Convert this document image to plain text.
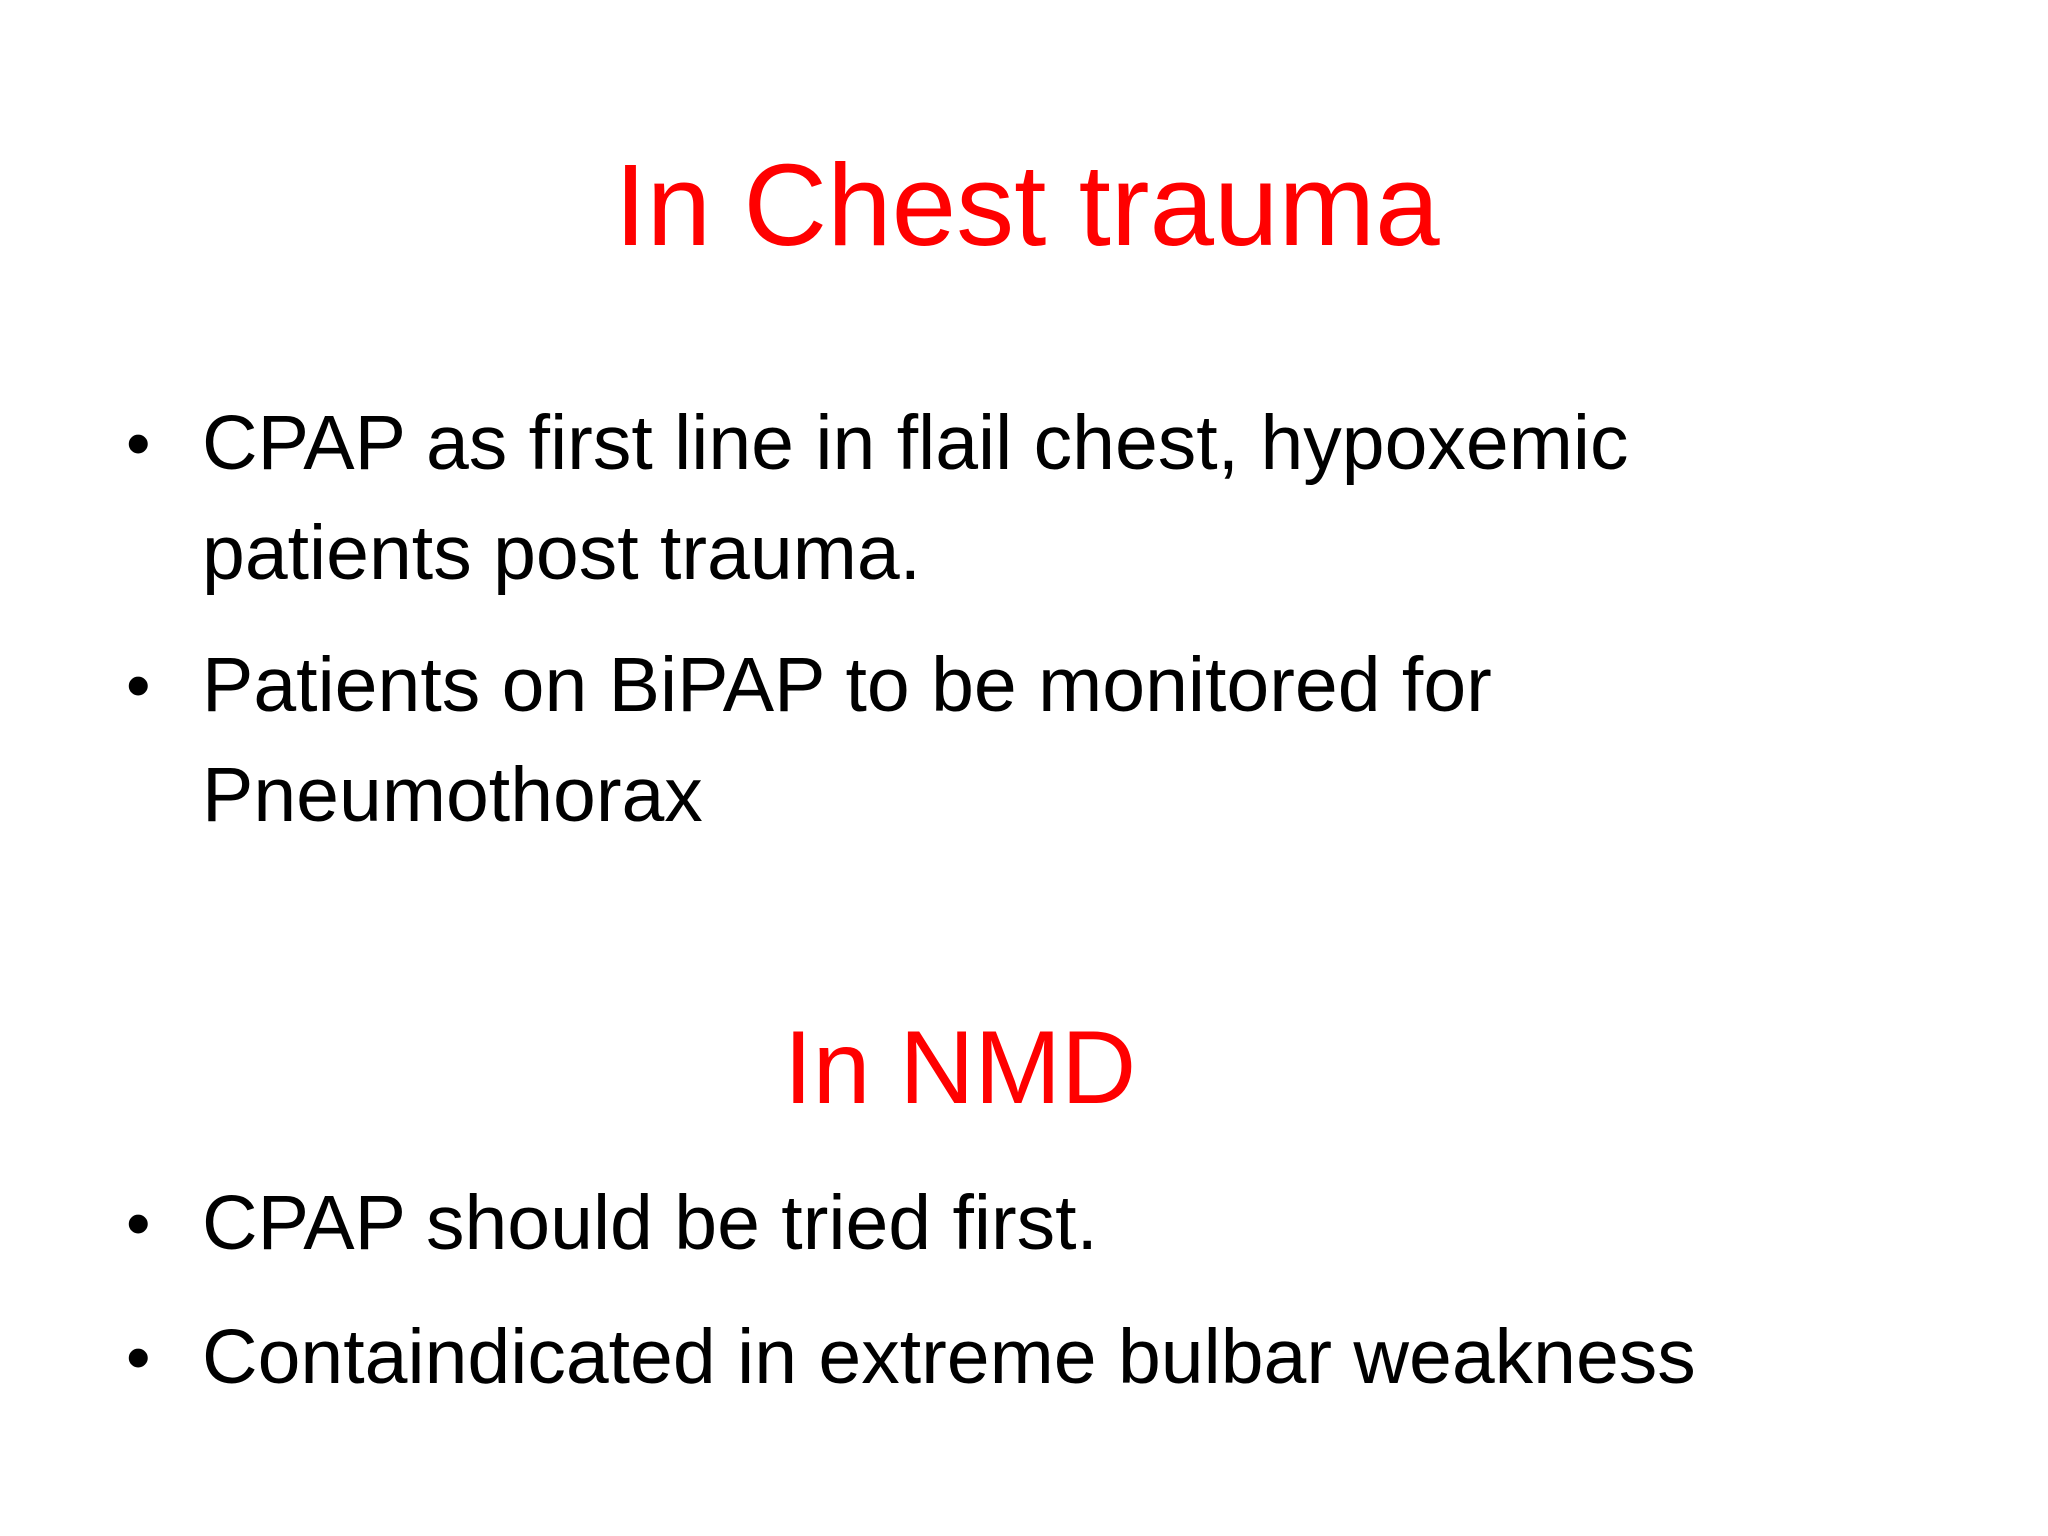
In Chest trauma
• CPAP as first line in flail chest, hypoxemic patients post trauma.
• Patients on BiPAP to be monitored for Pneumothorax
In NMD
• CPAP should be tried first.
• Containdicated in extreme bulbar weakness
